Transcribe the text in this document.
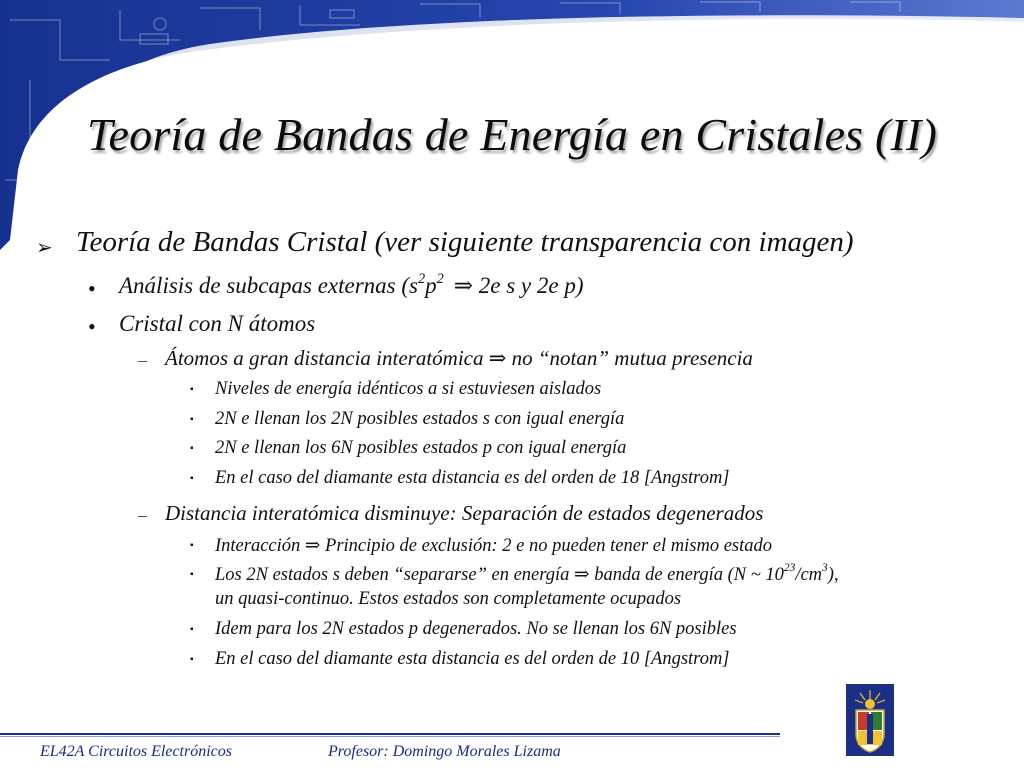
Teoría de Bandas de Energía en Cristales (II)
➢ Teoría de Bandas Cristal (ver siguiente transparencia con imagen)
• Análisis de subcapas externas ($s^2p^2$ ⇒ 2e s y 2e p)
• Cristal con N átomos
– Átomos a gran distancia interatómica ⇒ no “notan” mutua presencia
▪ Niveles de energía idénticos a si estuviesen aislados
▪ 2N e llenan los 2N posibles estados s con igual energía
▪ 2N e llenan los 6N posibles estados p con igual energía
▪ En el caso del diamante esta distancia es del orden de 18 [Angstrom]
– Distancia interatómica disminuye: Separación de estados degenerados
▪ Interacción ⇒ Principio de exclusión: 2 e no pueden tener el mismo estado
▪ Los 2N estados s deben “separarse” en energía ⇒ banda de energía (N ~ $10^{23}/cm^3$),
un quasi-continuo. Estos estados son completamente ocupados
▪ Idem para los 2N estados p degenerados. No se llenan los 6N posibles
▪ En el caso del diamante esta distancia es del orden de 10 [Angstrom]
EL42A Circuitos Electrónicos	Profesor: Domingo Morales Lizama
